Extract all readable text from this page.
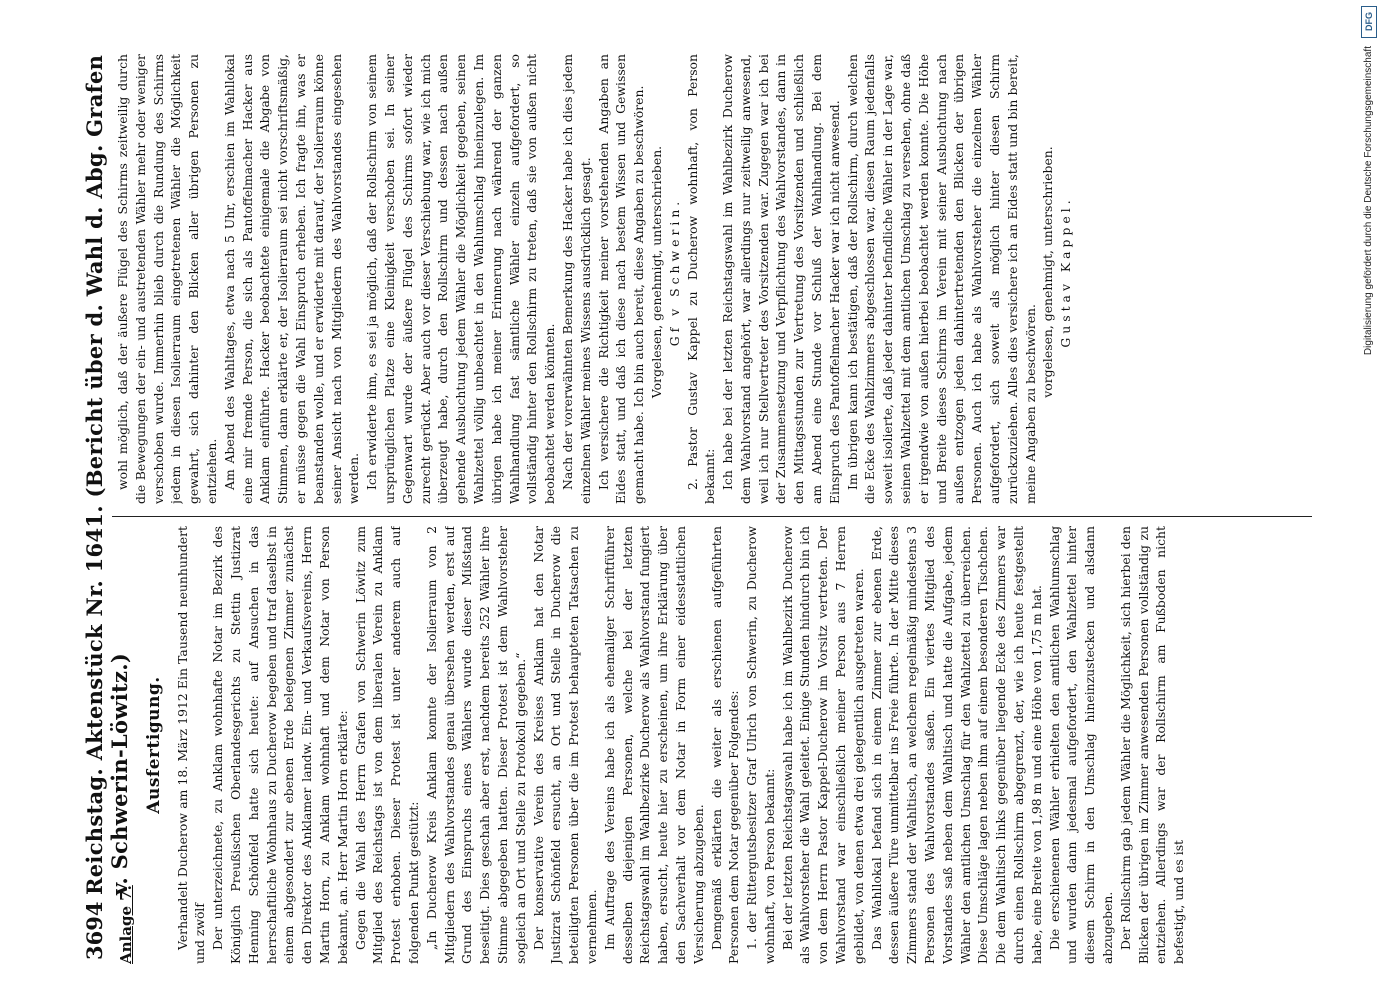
3694
Reichstag. Aktenstück Nr. 1641. (Bericht über d. Wahl d. Abg. Grafen v. Schwerin-Löwitz.)
Anlage 7.
Ausfertigung. Verhandelt Ducherow am 18. März 1912 Ein Tausend neunhundert und zwölf Der unterzeichnete, zu Anklam wohnhafte Notar im Bezirk des Königlich Preußischen Oberlandesgerichts zu Stettin Justizrat Henning Schönfeld hatte sich heute: auf Ansuchen in das herrschaftliche Wohnhaus zu Ducherow begeben und traf daselbst in einem abgesondert zur ebenen Erde belegenen Zimmer zunächst den Direktor des Anklamer landw. Ein- und Verkaufsvereins, Herrn Martin Horn, zu Anklam wohnhaft und dem Notar von Person bekannt, an. Herr Martin Horn erklärte: Gegen die Wahl des Herrn Grafen von Schwerin Löwitz zum Mitglied des Reichstags ist von dem liberalen Verein zu Anklam Protest erhoben. Dieser Protest ist unter anderem auch auf folgenden Punkt gestützt: „In Ducherow Kreis Anklam konnte der Isolierraum von 2 Mitgliedern des Wahlvorstandes genau übersehen werden, erst auf Grund des Einspruchs eines Wählers wurde dieser Mißstand beseitigt. Dies geschah aber erst, nachdem bereits 252 Wähler ihre Stimme abgegeben hatten. Dieser Protest ist dem Wahlvorsteher sogleich an Ort und Stelle zu Protokoll gegeben.“ Der konservative Verein des Kreises Anklam hat den Notar Justizrat Schönfeld ersucht, an Ort und Stelle in Ducherow die beteiligten Personen über die im Protest behaupteten Tatsachen zu vernehmen. Im Auftrage des Vereins habe ich als ehemaliger Schriftführer desselben diejenigen Personen, welche bei der letzten Reichstagswahl im Wahlbezirke Ducherow als Wahlvorstand fungiert haben, ersucht, heute hier zu erscheinen, um ihre Erklärung über den Sachverhalt vor dem Notar in Form einer eidesstattlichen Versicherung abzugeben. Demgemäß erklärten die weiter als erschienen aufgeführten Personen dem Notar gegenüber Folgendes: 1. der Rittergutsbesitzer Graf Ulrich von Schwerin, zu Ducherow wohnhaft, von Person bekannt: Bei der letzten Reichstagswahl habe ich im Wahlbezirk Ducherow als Wahlvorsteher die Wahl geleitet. Einige Stunden hindurch bin ich von dem Herrn Pastor Kappel-Ducherow im Vorsitz vertreten. Der Wahlvorstand war einschließlich meiner Person aus 7 Herren gebildet, von denen etwa drei gelegentlich ausgetreten waren. Das Wahllokal befand sich in einem Zimmer zur ebenen Erde, dessen äußere Türe unmittelbar ins Freie führte. In der Mitte dieses Zimmers stand der Wahltisch, an welchem regelmäßig mindestens 3 Personen des Wahlvorstandes saßen. Ein viertes Mitglied des Vorstandes saß neben dem Wahltisch und hatte die Aufgabe, jedem Wähler den amtlichen Umschlag für den Wahlzettel zu überreichen. Diese Umschläge lagen neben ihm auf einem besonderen Tischchen. Die dem Wahltisch links gegenüber liegende Ecke des Zimmers war durch einen Rollschirm abgegrenzt, der, wie ich heute festgestellt habe, eine Breite von 1,98 m und eine Höhe von 1,75 m hat. Die erschienenen Wähler erhielten den amtlichen Wahlumschlag und wurden dann jedesmal aufgefordert, den Wahlzettel hinter diesem Schirm in den Umschlag hineinzustecken und alsdann abzugeben. Der Rollschirm gab jedem Wähler die Möglichkeit, sich hierbei den Blicken der übrigen im Zimmer anwesenden Personen vollständig zu entziehen. Allerdings war der Rollschirm am Fußboden nicht befestigt, und es ist

wohl möglich, daß der äußere Flügel des Schirms zeitweilig durch die Bewegungen der ein- und austretenden Wähler mehr oder weniger verschoben wurde. Immerhin blieb durch die Rundung des Schirms jedem in diesen Isolierraum eingetretenen Wähler die Möglichkeit gewahrt, sich dahinter den Blicken aller übrigen Personen zu entziehen. Am Abend des Wahltages, etwa nach 5 Uhr, erschien im Wahllokal eine mir fremde Person, die sich als Pantoffelmacher Hacker aus Anklam einführte. Hacker beobachtete einigemale die Abgabe von Stimmen, dann erklärte er, der Isolierraum sei nicht vorschriftsmäßig, er müsse gegen die Wahl Einspruch erheben. Ich fragte ihn, was er beanstanden wolle, und er erwiderte mit darauf, der Isolierraum könne seiner Ansicht nach von Mitgliedern des Wahlvorstandes eingesehen werden. Ich erwiderte ihm, es sei ja möglich, daß der Rollschirm von seinem ursprünglichen Platze eine Kleinigkeit verschoben sei. In seiner Gegenwart wurde der äußere Flügel des Schirms sofort wieder zurecht gerückt. Aber auch vor dieser Verschiebung war, wie ich mich überzeugt habe, durch den Rollschirm und dessen nach außen gehende Ausbuchtung jedem Wähler die Möglichkeit gegeben, seinen Wahlzettel völlig unbeachtet in den Wahlumschlag hineinzulegen. Im übrigen habe ich meiner Erinnerung nach während der ganzen Wahlhandlung fast sämtliche Wähler einzeln aufgefordert, so vollständig hinter den Rollschirm zu treten, daß sie von außen nicht beobachtet werden könnten. Nach der vorerwähnten Bemerkung des Hacker habe ich dies jedem einzelnen Wähler meines Wissens ausdrücklich gesagt. Ich versichere die Richtigkeit meiner vorstehenden Angaben an Eides statt, und daß ich diese nach bestem Wissen und Gewissen gemacht habe. Ich bin auch bereit, diese Angaben zu beschwören. Vorgelesen, genehmigt, unterschrieben. Gf v Schwerin. 2. Pastor Gustav Kappel zu Ducherow wohnhaft, von Person bekannt: Ich habe bei der letzten Reichstagswahl im Wahlbezirk Ducherow dem Wahlvorstand angehört, war allerdings nur zeitweilig anwesend, weil ich nur Stellvertreter des Vorsitzenden war. Zugegen war ich bei der Zusammensetzung und Verpflichtung des Wahlvorstandes, dann in den Mittagsstunden zur Vertretung des Vorsitzenden und schließlich am Abend eine Stunde vor Schluß der Wahlhandlung. Bei dem Einspruch des Pantoffelmacher Hacker war ich nicht anwesend. Im übrigen kann ich bestätigen, daß der Rollschirm, durch welchen die Ecke des Wahlzimmers abgeschlossen war, diesen Raum jedenfalls soweit isolierte, daß jeder dahinter befindliche Wähler in der Lage war, seinen Wahlzettel mit dem amtlichen Umschlag zu versehen, ohne daß er irgendwie von außen hierbei beobachtet werden konnte. Die Höhe und Breite dieses Schirms im Verein mit seiner Ausbuchtung nach außen entzogen jeden dahintertretenden den Blicken der übrigen Personen. Auch ich habe als Wahlvorsteher die einzelnen Wähler aufgefordert, sich soweit als möglich hinter diesen Schirm zurückzuziehen. Alles dies versichere ich an Eides statt und bin bereit, meine Angaben zu beschwören.

vorgelesen, genehmigt, unterschrieben. Gustav Kappel.

DFG
Digitalisierung gefördert durch die Deutsche Forschungsgemeinschaft
